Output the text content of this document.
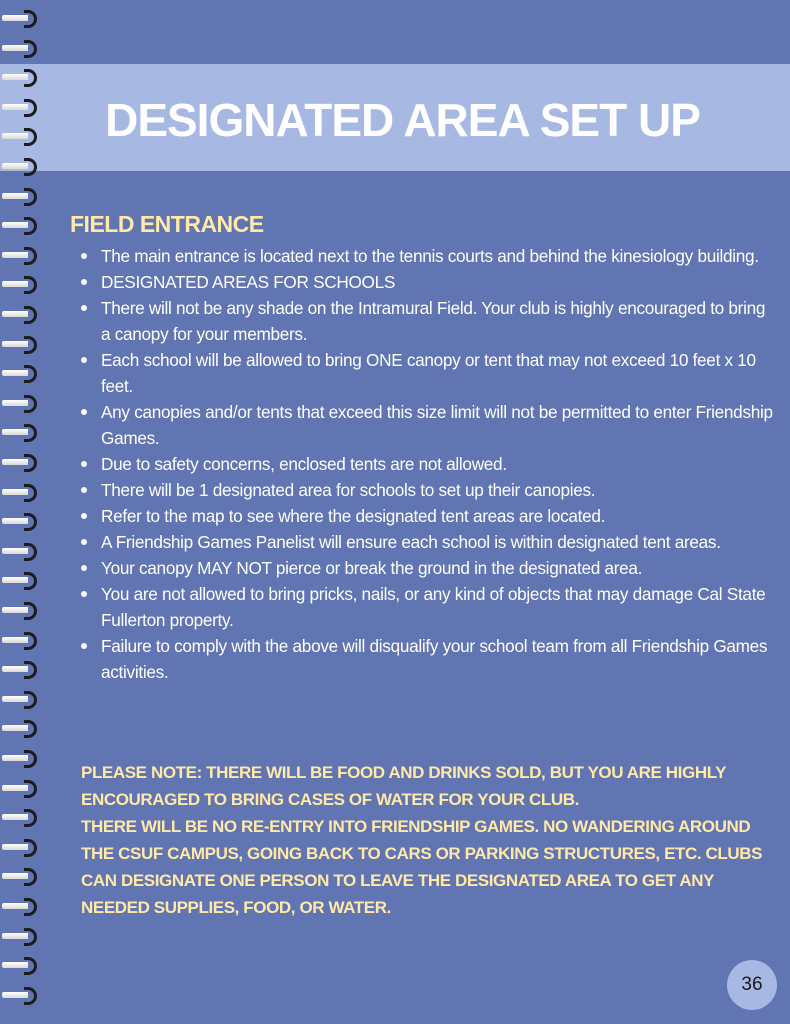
DESIGNATED AREA SET UP
FIELD ENTRANCE
The main entrance is located next to the tennis courts and behind the kinesiology building.
DESIGNATED AREAS FOR SCHOOLS
There will not be any shade on the Intramural Field. Your club is highly encouraged to bring a canopy for your members.
Each school will be allowed to bring ONE canopy or tent that may not exceed 10 feet x 10 feet.
Any canopies and/or tents that exceed this size limit will not be permitted to enter Friendship Games.
Due to safety concerns, enclosed tents are not allowed.
There will be 1 designated area for schools to set up their canopies.
Refer to the map to see where the designated tent areas are located.
A Friendship Games Panelist will ensure each school is within designated tent areas.
Your canopy MAY NOT pierce or break the ground in the designated area.
You are not allowed to bring pricks, nails, or any kind of objects that may damage Cal State Fullerton property.
Failure to comply with the above will disqualify your school team from all Friendship Games activities.

PLEASE NOTE: THERE WILL BE FOOD AND DRINKS SOLD, BUT YOU ARE HIGHLY ENCOURAGED TO BRING CASES OF WATER FOR YOUR CLUB.

THERE WILL BE NO RE-ENTRY INTO FRIENDSHIP GAMES. NO WANDERING AROUND THE CSUF CAMPUS, GOING BACK TO CARS OR PARKING STRUCTURES, ETC. CLUBS CAN DESIGNATE ONE PERSON TO LEAVE THE DESIGNATED AREA TO GET ANY NEEDED SUPPLIES, FOOD, OR WATER.

36
